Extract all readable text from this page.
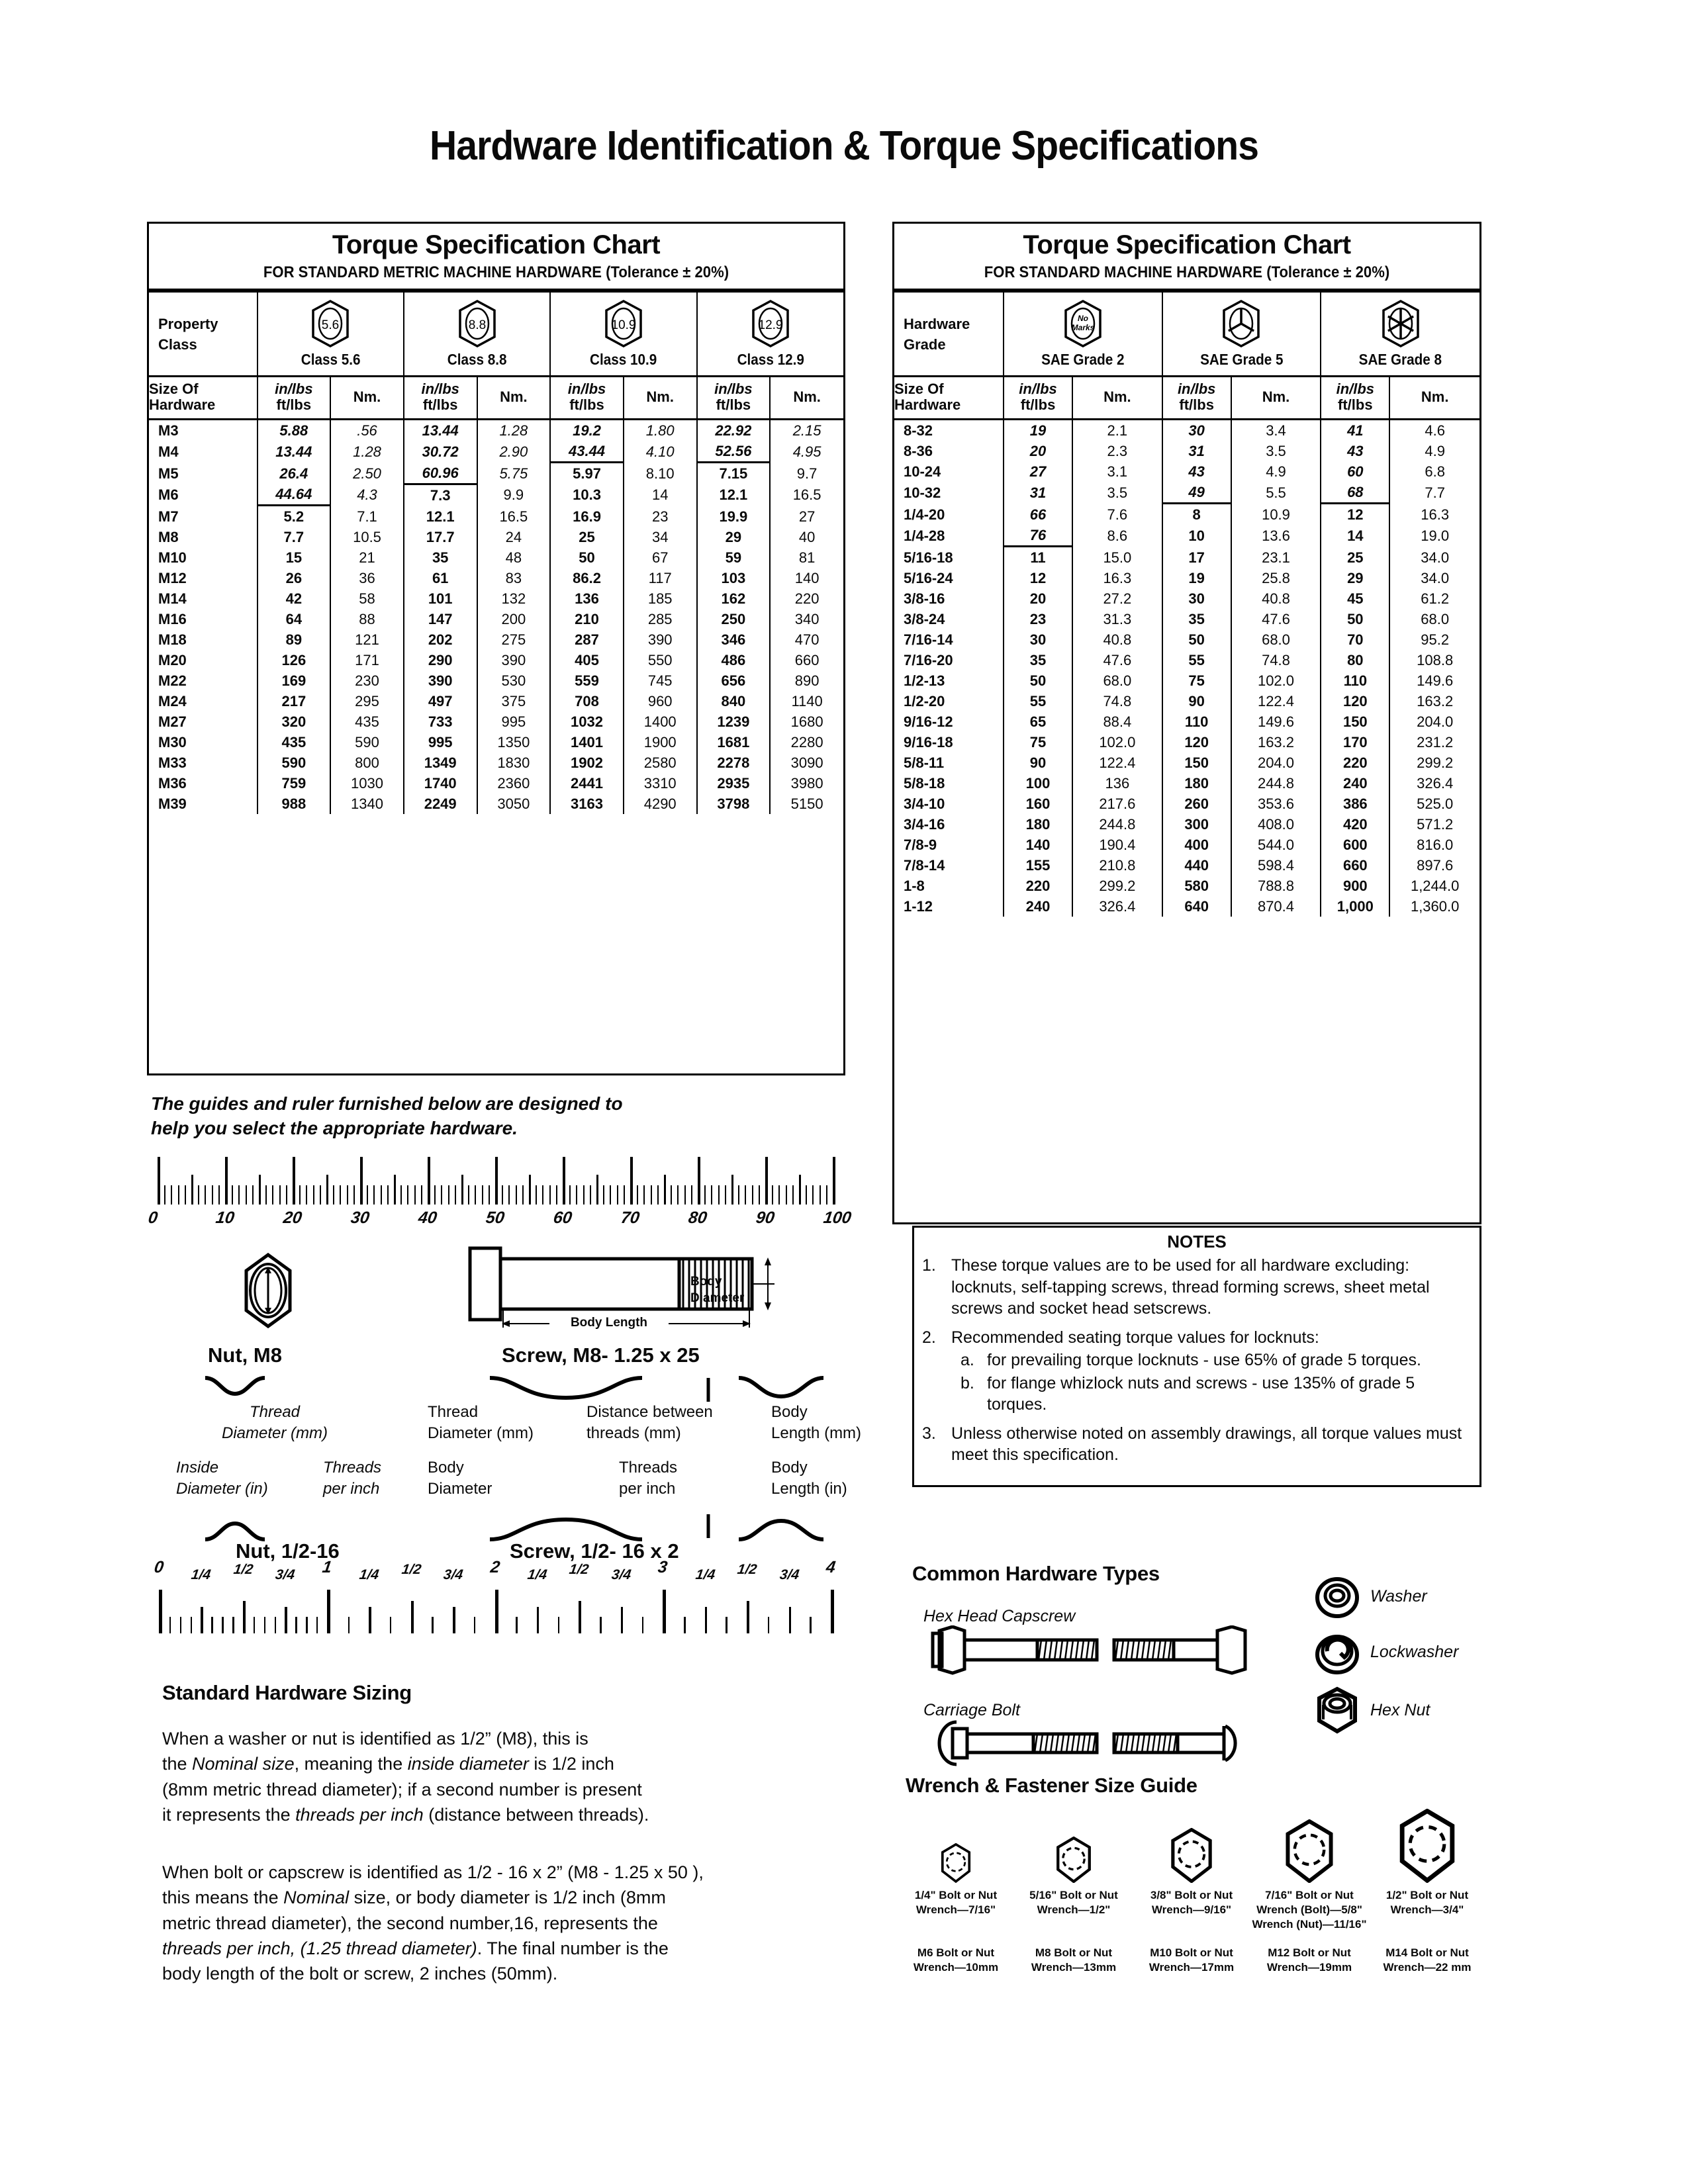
Hardware Identification & Torque Specifications
Torque Specification Chart
FOR STANDARD METRIC MACHINE HARDWARE (Tolerance ± 20%)
Property
Class	5.6
Class 5.6		8.8
Class 8.8		10.9
Class 10.9		12.9
Class 12.9	

Size Of
Hardware	in/lbs
ft/lbs	Nm.	in/lbs
ft/lbs	Nm.	in/lbs
ft/lbs	Nm.	in/lbs
ft/lbs	Nm.
M3	5.88	.56	13.44	1.28	19.2	1.80	22.92	2.15
M4	13.44	1.28	30.72	2.90	43.44	4.10	52.56	4.95
M5	26.4	2.50	60.96	5.75	5.97	8.10	7.15	9.7
M6	44.64	4.3	7.3	9.9	10.3	14	12.1	16.5
M7	5.2	7.1	12.1	16.5	16.9	23	19.9	27
M8	7.7	10.5	17.7	24	25	34	29	40
M10	15	21	35	48	50	67	59	81
M12	26	36	61	83	86.2	117	103	140
M14	42	58	101	132	136	185	162	220
M16	64	88	147	200	210	285	250	340
M18	89	121	202	275	287	390	346	470
M20	126	171	290	390	405	550	486	660
M22	169	230	390	530	559	745	656	890
M24	217	295	497	375	708	960	840	1140
M27	320	435	733	995	1032	1400	1239	1680
M30	435	590	995	1350	1401	1900	1681	2280
M33	590	800	1349	1830	1902	2580	2278	3090
M36	759	1030	1740	2360	2441	3310	2935	3980
M39	988	1340	2249	3050	3163	4290	3798	5150
Torque Specification Chart
FOR STANDARD MACHINE HARDWARE (Tolerance ± 20%)
Hardware
Grade	No
Marks
SAE Grade 2		SAE Grade 5		SAE Grade 8	

Size Of
Hardware	in/lbs
ft/lbs	Nm.	in/lbs
ft/lbs	Nm.	in/lbs
ft/lbs	Nm.
8-32	19	2.1	30	3.4	41	4.6
8-36	20	2.3	31	3.5	43	4.9
10-24	27	3.1	43	4.9	60	6.8
10-32	31	3.5	49	5.5	68	7.7
1/4-20	66	7.6	8	10.9	12	16.3
1/4-28	76	8.6	10	13.6	14	19.0
5/16-18	11	15.0	17	23.1	25	34.0
5/16-24	12	16.3	19	25.8	29	34.0
3/8-16	20	27.2	30	40.8	45	61.2
3/8-24	23	31.3	35	47.6	50	68.0
7/16-14	30	40.8	50	68.0	70	95.2
7/16-20	35	47.6	55	74.8	80	108.8
1/2-13	50	68.0	75	102.0	110	149.6
1/2-20	55	74.8	90	122.4	120	163.2
9/16-12	65	88.4	110	149.6	150	204.0
9/16-18	75	102.0	120	163.2	170	231.2
5/8-11	90	122.4	150	204.0	220	299.2
5/8-18	100	136	180	244.8	240	326.4
3/4-10	160	217.6	260	353.6	386	525.0
3/4-16	180	244.8	300	408.0	420	571.2
7/8-9	140	190.4	400	544.0	600	816.0
7/8-14	155	210.8	440	598.4	660	897.6
1-8	220	299.2	580	788.8	900	1,244.0
1-12	240	326.4	640	870.4	1,000	1,360.0
NOTES
1. These torque values are to be used for all hardware excluding: locknuts, self-tapping screws, thread forming screws, sheet metal screws and socket head setscrews.
2. Recommended seating torque values for locknuts:
a. for prevailing torque locknuts - use 65% of grade 5 torques.
b. for flange whizlock nuts and screws - use 135% of grade 5 torques.
3. Unless otherwise noted on assembly drawings, all torque values must meet this specification.
The guides and ruler furnished below are designed to
help you select the appropriate hardware.
0	10	20	30	40	50	60	70	80	90	100
Body
Diameter
Body Length
Nut, M8	Screw, M8- 1.25 x 25
Thread
Diameter (mm)
Thread
Diameter (mm)
Distance between
threads (mm)
Body
Length (mm)
Inside
Diameter (in)
Threads
per inch
Body
Diameter
Threads
per inch
Body
Length (in)
Nut, 1/2-16	Screw, 1/2- 16 x 2
0 1/4 1/2 3/4 1 1/4 1/2 3/4 2 1/4 1/2 3/4 3 1/4 1/2 3/4 4
Standard Hardware Sizing
When a washer or nut is identified as 1/2” (M8), this is
the Nominal size, meaning the inside diameter is 1/2 inch
(8mm metric thread diameter); if a second number is present
it represents the threads per inch (distance between threads).
When bolt or capscrew is identified as 1/2 - 16 x 2” (M8 - 1.25 x 50 ),
this means the Nominal size, or body diameter is 1/2 inch (8mm
metric thread diameter), the second number,16, represents the
threads per inch, (1.25 thread diameter). The final number is the
body length of the bolt or screw, 2 inches (50mm).
Common Hardware Types
Hex Head Capscrew
Carriage Bolt
Washer
Lockwasher
Hex Nut
Wrench & Fastener Size Guide
1/4" Bolt or Nut
Wrench—7/16"
M6 Bolt or Nut
Wrench—10mm
5/16" Bolt or Nut
Wrench—1/2"
M8 Bolt or Nut
Wrench—13mm
3/8" Bolt or Nut
Wrench—9/16"
M10 Bolt or Nut
Wrench—17mm
7/16" Bolt or Nut
Wrench (Bolt)—5/8"
Wrench (Nut)—11/16"
M12 Bolt or Nut
Wrench—19mm
1/2" Bolt or Nut
Wrench—3/4"
M14 Bolt or Nut
Wrench—22 mm
